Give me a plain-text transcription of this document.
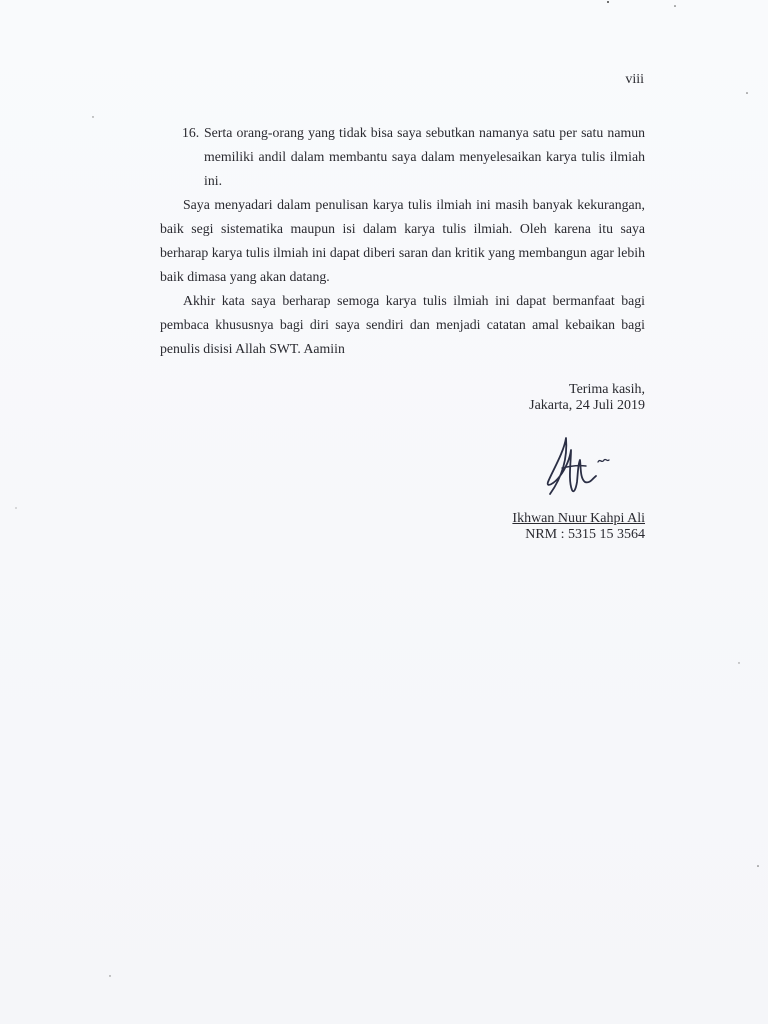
viii

16. Serta orang-orang yang tidak bisa saya sebutkan namanya satu per satu namun memiliki andil dalam membantu saya dalam menyelesaikan karya tulis ilmiah ini.

Saya menyadari dalam penulisan karya tulis ilmiah ini masih banyak kekurangan, baik segi sistematika maupun isi dalam karya tulis ilmiah. Oleh karena itu saya berharap karya tulis ilmiah ini dapat diberi saran dan kritik yang membangun agar lebih baik dimasa yang akan datang.

Akhir kata saya berharap semoga karya tulis ilmiah ini dapat bermanfaat bagi pembaca khususnya bagi diri saya sendiri dan menjadi catatan amal kebaikan bagi penulis disisi Allah SWT. Aamiin

Terima kasih,
Jakarta, 24 Juli 2019
Ikhwan Nuur Kahpi Ali
NRM : 5315 15 3564
